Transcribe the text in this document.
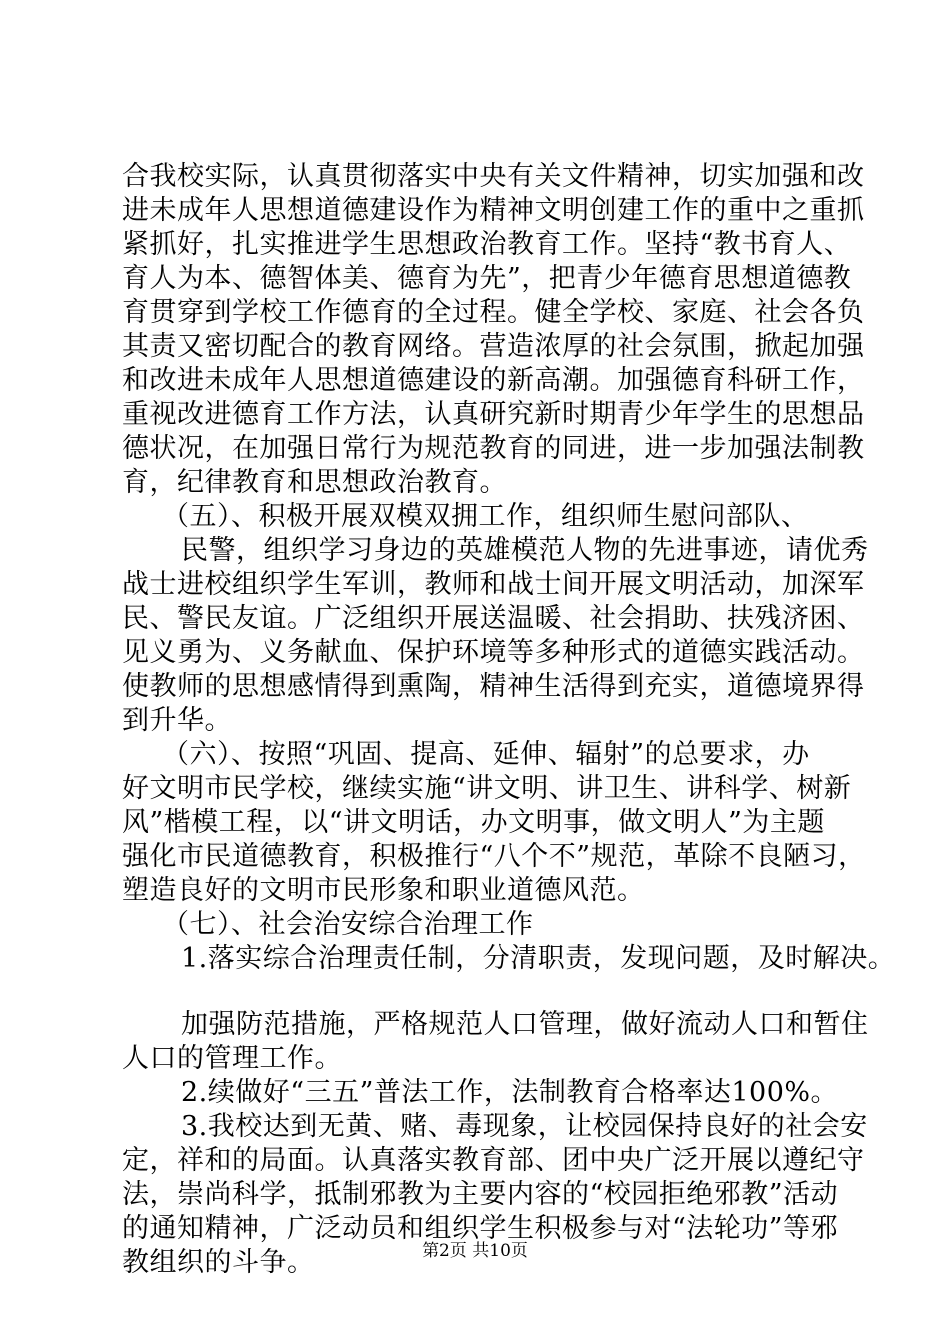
合我校实际，认真贯彻落实中央有关文件精神，切实加强和改
进未成年人思想道德建设作为精神文明创建工作的重中之重抓
紧抓好，扎实推进学生思想政治教育工作。坚持“教书育人、
育人为本、德智体美、德育为先”，把青少年德育思想道德教
育贯穿到学校工作德育的全过程。健全学校、家庭、社会各负
其责又密切配合的教育网络。营造浓厚的社会氛围，掀起加强
和改进未成年人思想道德建设的新高潮。加强德育科研工作，
重视改进德育工作方法，认真研究新时期青少年学生的思想品
德状况，在加强日常行为规范教育的同进，进一步加强法制教
育，纪律教育和思想政治教育。
（五）、积极开展双模双拥工作，组织师生慰问部队、
民警，组织学习身边的英雄模范人物的先进事迹，请优秀
战士进校组织学生军训，教师和战士间开展文明活动，加深军
民、警民友谊。广泛组织开展送温暖、社会捐助、扶残济困、
见义勇为、义务献血、保护环境等多种形式的道德实践活动。
使教师的思想感情得到熏陶，精神生活得到充实，道德境界得
到升华。
（六）、按照“巩固、提高、延伸、辐射”的总要求，办
好文明市民学校，继续实施“讲文明、讲卫生、讲科学、树新
风”楷模工程，以“讲文明话，办文明事，做文明人”为主题
强化市民道德教育，积极推行“八个不”规范，革除不良陋习，
塑造良好的文明市民形象和职业道德风范。
（七）、社会治安综合治理工作
1.落实综合治理责任制，分清职责，发现问题，及时解决。
加强防范措施，严格规范人口管理，做好流动人口和暂住
人口的管理工作。
2.续做好“三五”普法工作，法制教育合格率达100%。
3.我校达到无黄、赌、毒现象，让校园保持良好的社会安
定，祥和的局面。认真落实教育部、团中央广泛开展以遵纪守
法，崇尚科学，抵制邪教为主要内容的“校园拒绝邪教”活动
的通知精神，广泛动员和组织学生积极参与对“法轮功”等邪
教组织的斗争。	第2页 共10页
